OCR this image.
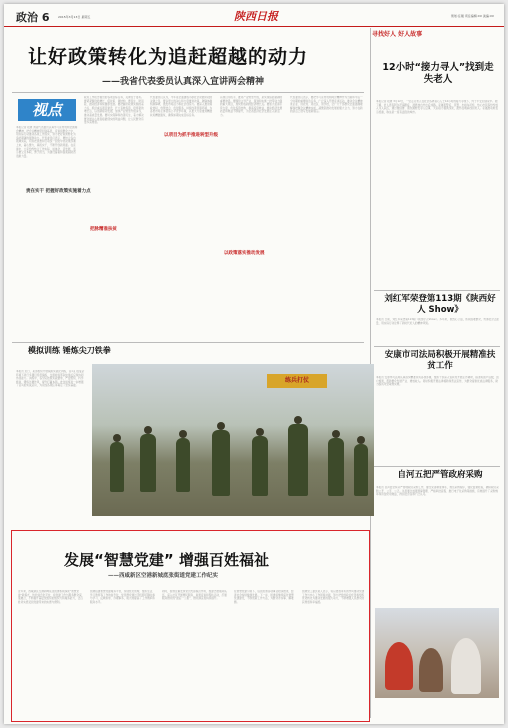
政治 6	2015年3月13日 星期五	陕西日报	策划:任刚 责任编辑:XX 美编:XX
让好政策转化为追赶超越的动力
——我省代表委员认真深入宣讲两会精神
视点

本报记者 报道 我省代表委员认真学习宣传贯彻全国两会精神，把会议精神带回到基层，宣讲到群众之中，用实际行动推动各项工作落实，努力把好政策转化为追赶超越的强劲动力。代表委员们表示，要结合各自领域实际，切实把思想和行动统一到党中央决策部署上来，凝心聚力，真抓实干，不断开创新局面。在宣讲中，大家纷纷结合工作实际，谈体会，话发展，表示要立足本职，勇于担当，为建设富裕和谐美丽陕西贡献力量。

政府工作报告提出的各项目标任务，关键在于落实。要紧紧围绕稳增长、促改革、调结构、惠民生、防风险，推动经济持续健康发展。要把握好政策实施的着力点，抓好重点项目建设，扩大有效投资，培育新的增长点，以创新驱动发展，加快产业转型升级步伐，推动高质量发展。要切实保障和改善民生，着力解决群众最关心最直接最现实的利益问题，让人民群众有更多获得感。

代表委员们认为，今年是全面建成小康社会决胜阶段的关键之年，要以更大的决心和力度推进改革，破除体制机制障碍，激发市场活力和社会创造力。要深入推进简政放权、放管结合、优化服务，持续改善营商环境，为各类市场主体营造公平竞争环境，以更大力度推进精准扶贫精准脱贫，确保如期完成目标任务。

以项目为抓手，推进产业转型升级，是实现追赶超越的重要途径。要围绕主导产业，谋划和实施一批带动力强的重大项目，加快形成新的经济增长点。要加大招商引资力度，优化投资结构，提高投资效益，推动经济发展质量和效益不断提升，为全省经济社会发展注入新活力。

代表委员们表示，要把学习宣传贯彻两会精神作为当前和今后一个时期的重要政治任务，广泛深入开展宣讲活动，推动会议精神进企业、进农村、进社区、进学校，让广大干部群众全面准确理解和把握会议精神实质，凝聚起推动发展的强大合力，努力在新的起点上谱写发展新篇章。

贵在实干 把握好政策实施着力点
以项目为抓手推进转型升级
把脉精准扶贫
以政策落实推动发展
模拟训练 锤炼尖刀铁拳

本报讯 近日，某部组织开展模拟实战化训练，官兵们在复杂环境下进行多课目连贯演练，全面检验部队快速反应和协同作战能力。训练中，各分队按照实战要求，严密组织，科学施训，锤炼过硬作风，提升打赢本领。此次训练进一步增强了官兵的实战意识，为完成各项任务奠定了坚实基础。

练兵打仗
寻找好人 好人故事
12小时“接力寻人”找到走失老人

本报记者 报道 3月12日，一位走失老人在社会各界爱心人士12小时的接力寻找下，终于平安回到家中。据了解，老人患有阿尔茨海默症，清晨独自外出后迷路。家属报警后，民警、出租车司机、热心市民等纷纷加入寻人队伍，通过微信群、朋友圈转发寻人启事，大家接力提供线索，最终在晚间找到老人。家属激动地表示感谢，称这是一座有温度的城市。

刘红军荣登第113期《陕西好人 Show》

本报讯 日前，刘红军荣登第113期《陕西好人Show》。多年来，他热心公益，帮扶困难群众，传递社会正能量，用实际行动诠释了新时代好人的精神风貌。

安康市司法局积极开展精准扶贫工作

本报讯 安康市司法局认真落实精准扶贫各项部署，组织干部深入包扶村开展走访调研，摸清贫困户底数，因户施策，帮助群众发展产业、增加收入。同时积极开展法律援助和普法宣传，为群众提供优质法律服务，助力脱贫攻坚取得实效。

自河五把严管政府采购

本报讯 白河县坚持从严管理政府采购工作，健全完善制度体系，规范采购程序，强化监督检查，确保政府采购公开、公平、公正。该县通过加强预算管理、严格审批流程、推行电子化采购等措施，有效提升了采购效率和资金使用效益，得到社会各界广泛认可。

发展“智慧党建” 增强百姓福祉
——西咸新区空港新城底张街道党建工作纪实

近年来，西咸新区空港新城底张街道积极探索“智慧党建”新模式，依托信息化平台，将党建工作与服务群众深度融合，不断提升基层党组织的组织力和服务能力，让百姓切实感受到党建带来的实惠与便利。

街道搭建智慧党建服务平台，实现党员管理、组织生活、学习教育等工作的信息化，党员群众通过手机即可随时参与学习、反映诉求、办理事务，极大地提高了工作效率和服务水平。

同时，街道注重发挥党员先锋模范作用，组建志愿服务队伍，深入社区开展便民服务、政策宣讲和帮扶活动，打通服务群众的“最后一公里”，群众满意度持续提升。

在智慧党建引领下，底张街道各项事业稳步推进，经济社会持续健康发展。下一步，街道将继续深化智慧党建建设，不断创新工作方法，为群众办实事、解难题。

街道党工委负责人表示，将以更加务实的作风推动党建工作与中心工作同频共振，努力把党的政治优势和组织优势转化为推动发展的强大动力，不断增强人民群众的获得感和幸福感。
